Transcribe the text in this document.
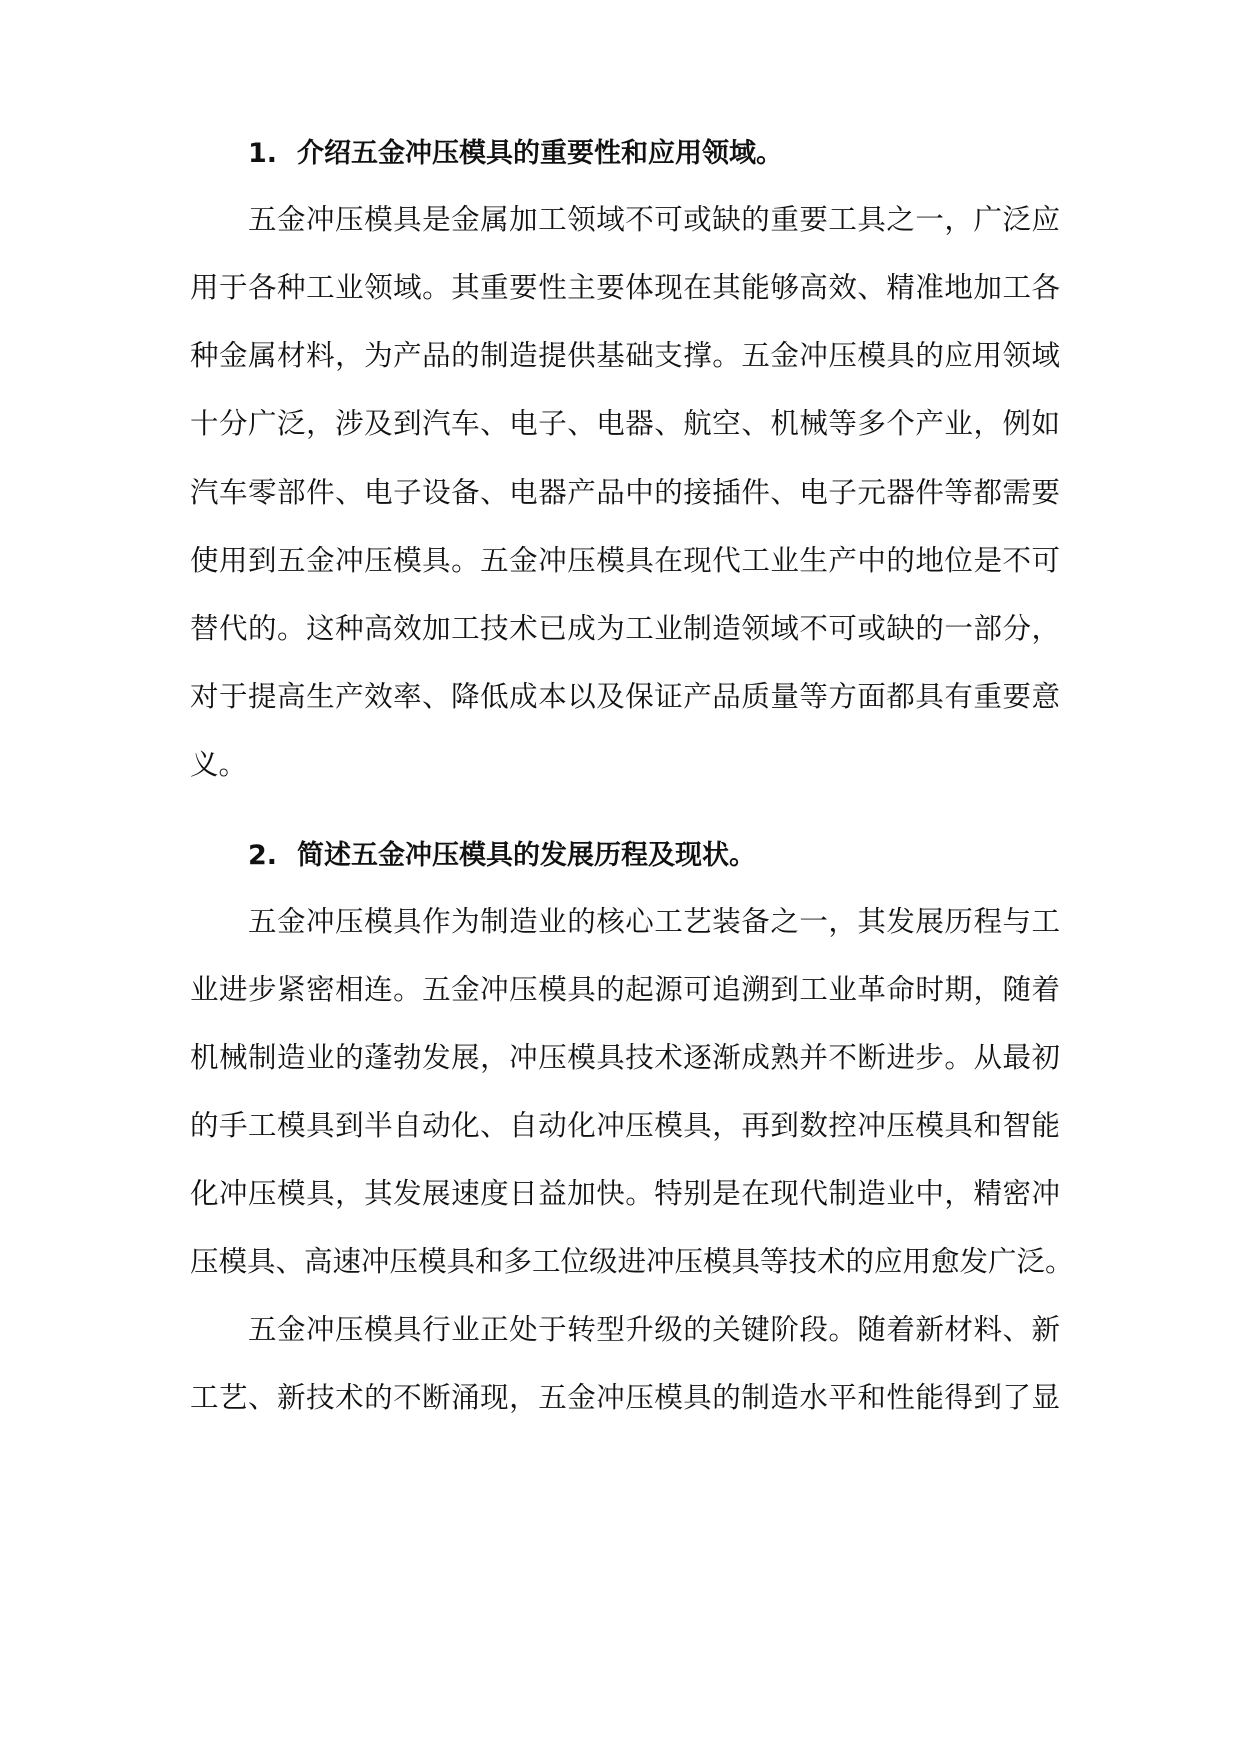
1. 介绍五金冲压模具的重要性和应用领域。
五金冲压模具是金属加工领域不可或缺的重要工具之一，广泛应
用于各种工业领域。其重要性主要体现在其能够高效、精准地加工各
种金属材料，为产品的制造提供基础支撑。五金冲压模具的应用领域
十分广泛，涉及到汽车、电子、电器、航空、机械等多个产业，例如
汽车零部件、电子设备、电器产品中的接插件、电子元器件等都需要
使用到五金冲压模具。五金冲压模具在现代工业生产中的地位是不可
替代的。这种高效加工技术已成为工业制造领域不可或缺的一部分，
对于提高生产效率、降低成本以及保证产品质量等方面都具有重要意
义。
2. 简述五金冲压模具的发展历程及现状。
五金冲压模具作为制造业的核心工艺装备之一，其发展历程与工
业进步紧密相连。五金冲压模具的起源可追溯到工业革命时期，随着
机械制造业的蓬勃发展，冲压模具技术逐渐成熟并不断进步。从最初
的手工模具到半自动化、自动化冲压模具，再到数控冲压模具和智能
化冲压模具，其发展速度日益加快。特别是在现代制造业中，精密冲
压模具、高速冲压模具和多工位级进冲压模具等技术的应用愈发广泛。
五金冲压模具行业正处于转型升级的关键阶段。随着新材料、新
工艺、新技术的不断涌现，五金冲压模具的制造水平和性能得到了显
